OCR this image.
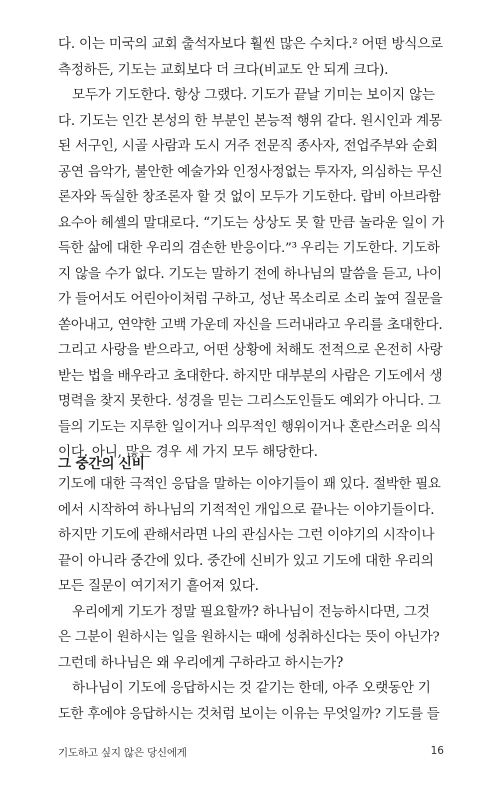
다. 이는 미국의 교회 출석자보다 훨씬 많은 수치다.² 어떤 방식으로
측정하든, 기도는 교회보다 더 크다(비교도 안 되게 크다).
모두가 기도한다. 항상 그랬다. 기도가 끝날 기미는 보이지 않는
다. 기도는 인간 본성의 한 부분인 본능적 행위 같다. 원시인과 계몽
된 서구인, 시골 사람과 도시 거주 전문직 종사자, 전업주부와 순회
공연 음악가, 불안한 예술가와 인정사정없는 투자자, 의심하는 무신
론자와 독실한 창조론자 할 것 없이 모두가 기도한다. 랍비 아브라함
요수아 헤셸의 말대로다. “기도는 상상도 못 할 만큼 놀라운 일이 가
득한 삶에 대한 우리의 겸손한 반응이다.”³ 우리는 기도한다. 기도하
지 않을 수가 없다. 기도는 말하기 전에 하나님의 말씀을 듣고, 나이
가 들어서도 어린아이처럼 구하고, 성난 목소리로 소리 높여 질문을
쏟아내고, 연약한 고백 가운데 자신을 드러내라고 우리를 초대한다.
그리고 사랑을 받으라고, 어떤 상황에 처해도 전적으로 온전히 사랑
받는 법을 배우라고 초대한다. 하지만 대부분의 사람은 기도에서 생
명력을 찾지 못한다. 성경을 믿는 그리스도인들도 예외가 아니다. 그
들의 기도는 지루한 일이거나 의무적인 행위이거나 혼란스러운 의식
이다. 아니, 많은 경우 세 가지 모두 해당한다.
그 중간의 신비
기도에 대한 극적인 응답을 말하는 이야기들이 꽤 있다. 절박한 필요
에서 시작하여 하나님의 기적적인 개입으로 끝나는 이야기들이다.
하지만 기도에 관해서라면 나의 관심사는 그런 이야기의 시작이나
끝이 아니라 중간에 있다. 중간에 신비가 있고 기도에 대한 우리의
모든 질문이 여기저기 흩어져 있다.
우리에게 기도가 정말 필요할까? 하나님이 전능하시다면, 그것
은 그분이 원하시는 일을 원하시는 때에 성취하신다는 뜻이 아닌가?
그런데 하나님은 왜 우리에게 구하라고 하시는가?
하나님이 기도에 응답하시는 것 같기는 한데, 아주 오랫동안 기
도한 후에야 응답하시는 것처럼 보이는 이유는 무엇일까? 기도를 들
기도하고 싶지 않은 당신에게	16
